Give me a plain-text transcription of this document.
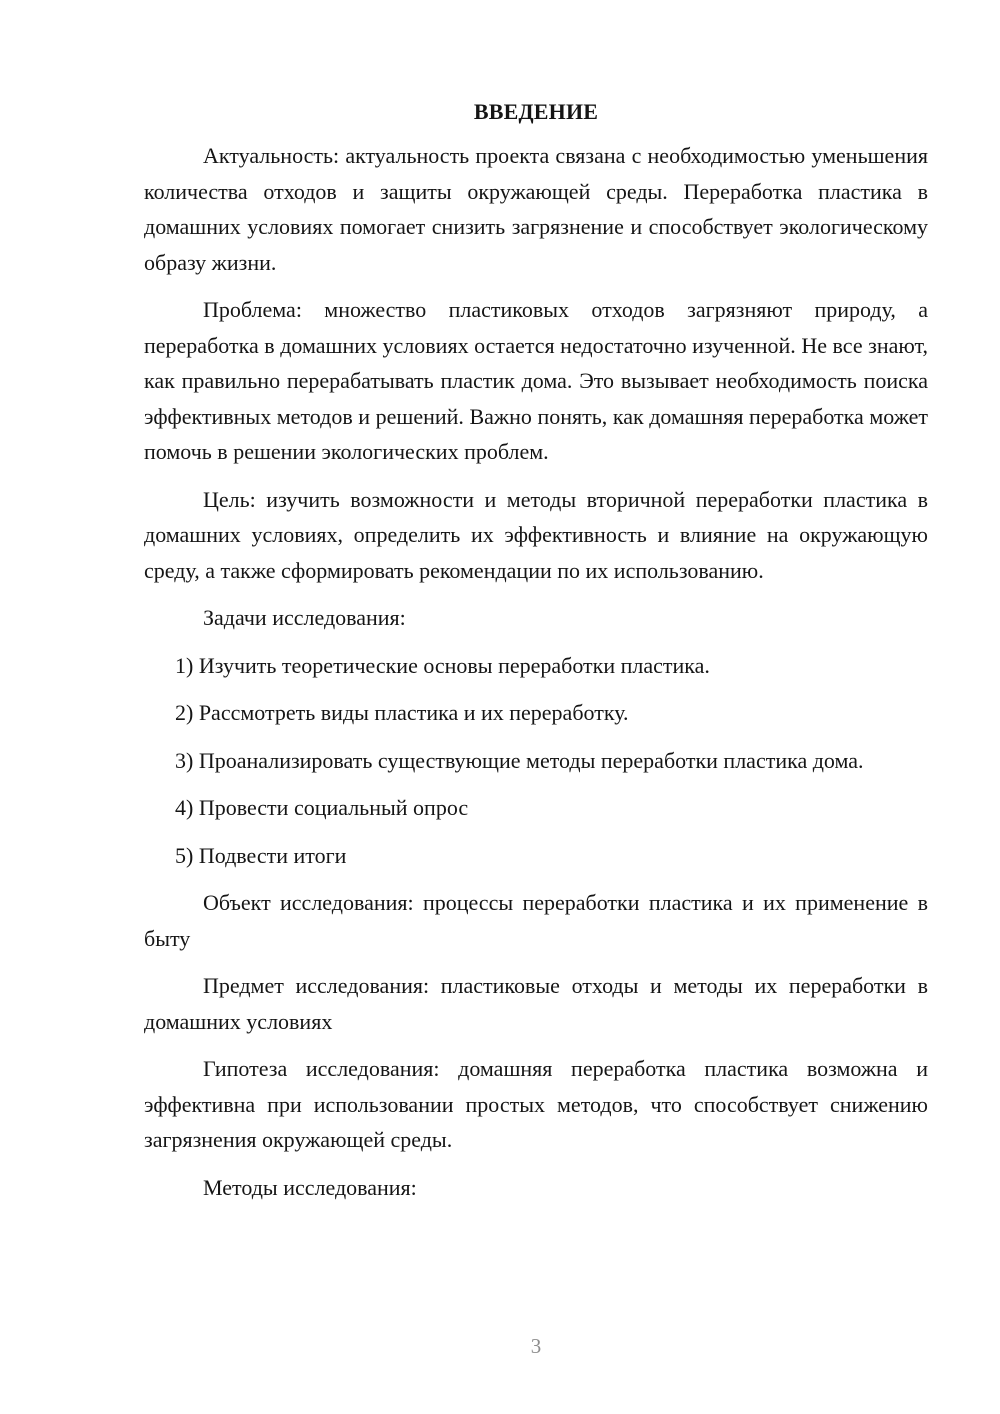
ВВЕДЕНИЕ

Актуальность: актуальность проекта связана с необходимостью уменьшения количества отходов и защиты окружающей среды. Переработка пластика в домашних условиях помогает снизить загрязнение и способствует экологическому образу жизни.

Проблема: множество пластиковых отходов загрязняют природу, а переработка в домашних условиях остается недостаточно изученной. Не все знают, как правильно перерабатывать пластик дома. Это вызывает необходимость поиска эффективных методов и решений. Важно понять, как домашняя переработка может помочь в решении экологических проблем.

Цель: изучить возможности и методы вторичной переработки пластика в домашних условиях, определить их эффективность и влияние на окружающую среду, а также сформировать рекомендации по их использованию.

Задачи исследования:

1) Изучить теоретические основы переработки пластика.

2) Рассмотреть виды пластика и их переработку.

3) Проанализировать существующие методы переработки пластика дома.

4) Провести социальный опрос

5) Подвести итоги

Объект исследования: процессы переработки пластика и их применение в быту

Предмет исследования: пластиковые отходы и методы их переработки в домашних условиях

Гипотеза исследования: домашняя переработка пластика возможна и эффективна при использовании простых методов, что способствует снижению загрязнения окружающей среды.

Методы исследования:

3
